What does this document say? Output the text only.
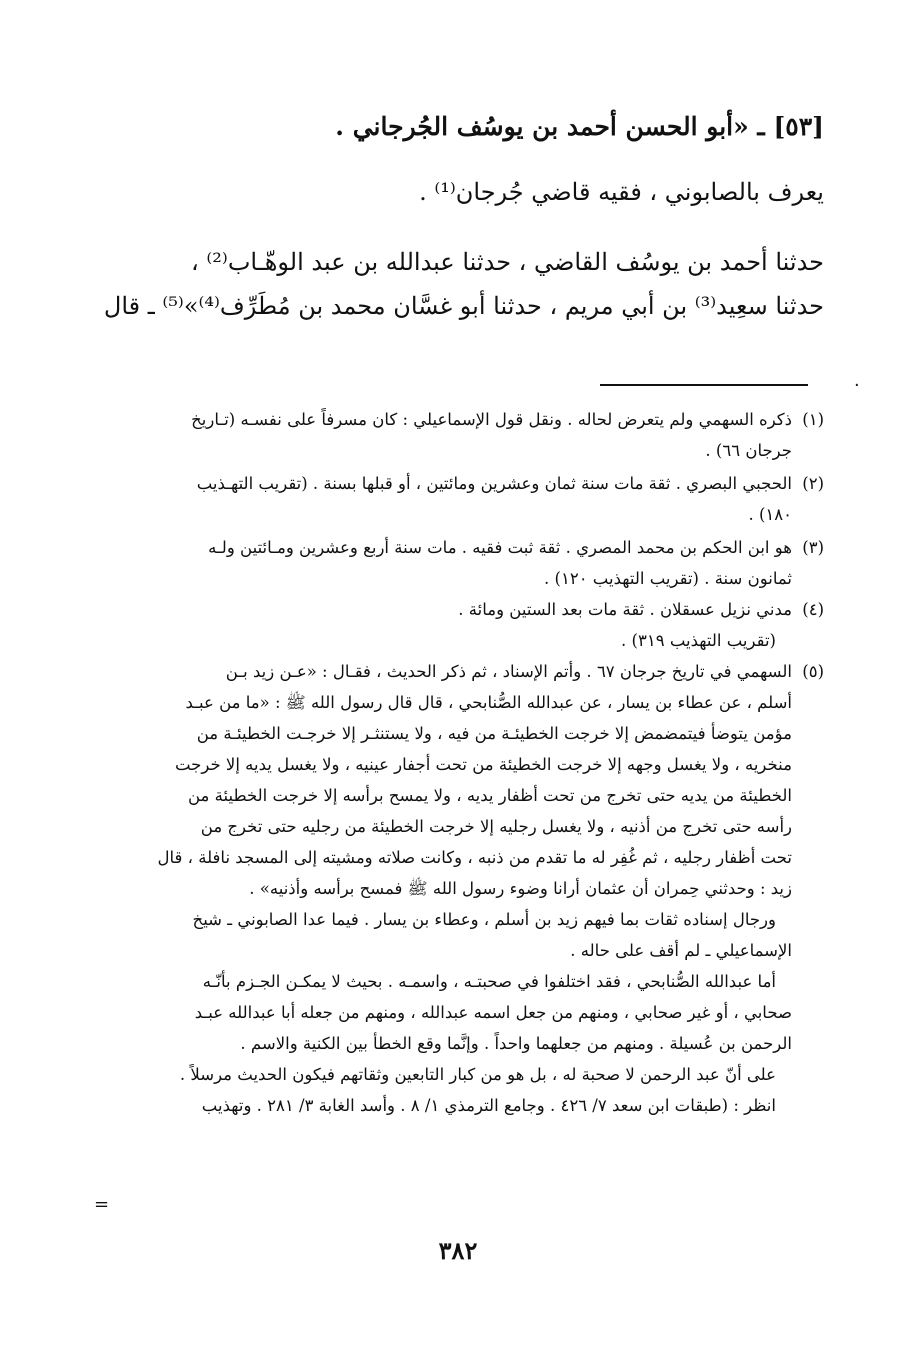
[٥٣] ـ «أبو الحسن أحمد بن يوسُف الجُرجاني .
يعرف بالصابوني ، فقيه قاضي جُرجان⁽¹⁾ .
حدثنا أحمد بن يوسُف القاضي ، حدثنا عبدالله بن عبد الوهّـاب⁽²⁾ ،
حدثنا سعِيد⁽³⁾ بن أبي مريم ، حدثنا أبو غسَّان محمد بن مُطَرِّف⁽⁴⁾»⁽⁵⁾ ـ قال
٠
(١)
ذكره السهمي ولم يتعرض لحاله . ونقل قول الإسماعيلي : كان مسرفاً على نفسـه (تـاريخ
جرجان ٦٦) .
(٢)
الحجبي البصري . ثقة مات سنة ثمان وعشرين ومائتين ، أو قبلها بسنة . (تقريب التهـذيب
١٨٠) .
(٣)
هو ابن الحكم بن محمد المصري . ثقة ثبت فقيه . مات سنة أربع وعشرين ومـائتين ولـه
ثمانون سنة . (تقريب التهذيب ١٢٠) .
(٤)
مدني نزيل عسقلان . ثقة مات بعد الستين ومائة .
(تقريب التهذيب ٣١٩) .
(٥)
السهمي في تاريخ جرجان ٦٧ . وأتم الإسناد ، ثم ذكر الحديث ، فقـال : «عـن زيد بـن
أسلم ، عن عطاء بن يسار ، عن عبدالله الصُّنابحي ، قال قال رسول الله ﷺ : «ما من عبـد
مؤمن يتوضأ فيتمضمض إلا خرجت الخطيئـة من فيه ، ولا يستنثـر إلا خرجـت الخطيئـة من
منخريه ، ولا يغسل وجهه إلا خرجت الخطيئة من تحت أجفار عينيه ، ولا يغسل يديه إلا خرجت
الخطيئة من يديه حتى تخرج من تحت أظفار يديه ، ولا يمسح برأسه إلا خرجت الخطيئة من
رأسه حتى تخرج من أذنيه ، ولا يغسل رجليه إلا خرجت الخطيئة من رجليه حتى تخرج من
تحت أظفار رجليه ، ثم غُفِر له ما تقدم من ذنبه ، وكانت صلاته ومشيته إلى المسجد نافلة ، قال
زيد : وحدثني حِمران أن عثمان أرانا وضوء رسول الله ﷺ فمسح برأسه وأذنيه» .
ورجال إسناده ثقات بما فيهم زيد بن أسلم ، وعطاء بن يسار . فيما عدا الصابوني ـ شيخ
الإسماعيلي ـ لم أقف على حاله .
أما عبدالله الصُّنابحي ، فقد اختلفوا في صحبتـه ، واسمـه . بحيث لا يمكـن الجـزم بأنّـه
صحابي ، أو غير صحابي ، ومنهم من جعل اسمه عبدالله ، ومنهم من جعله أبا عبدالله عبـد
الرحمن بن عُسيلة . ومنهم من جعلهما واحداً . وإنَّما وقع الخطأ بين الكنية والاسم .
على أنّ عبد الرحمن لا صحبة له ، بل هو من كبار التابعين وثقاتهم فيكون الحديث مرسلاً .
انظر : (طبقات ابن سعد ٧/ ٤٢٦ . وجامع الترمذي ١/ ٨ . وأسد الغابة ٣/ ٢٨١ . وتهذيب
=
٣٨٢
